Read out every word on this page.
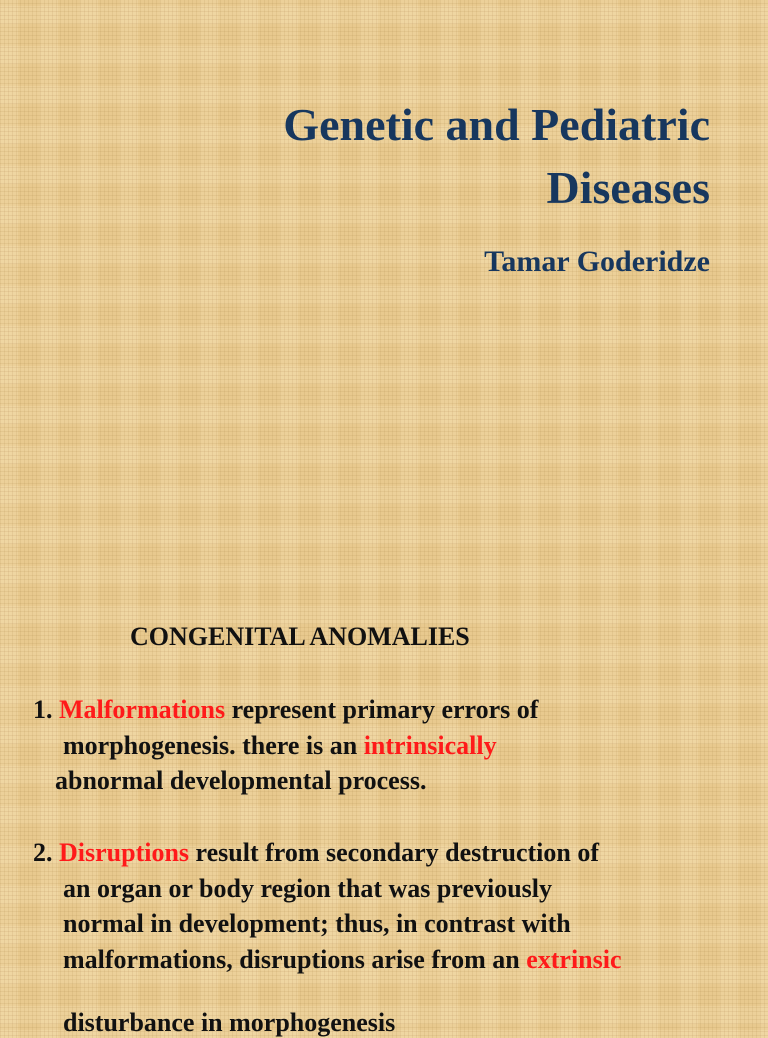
Genetic and Pediatric
Diseases
Tamar Goderidze
CONGENITAL ANOMALIES
1. Malformations represent primary errors of
morphogenesis. there is an intrinsically
abnormal developmental process.
2. Disruptions result from secondary destruction of
an organ or body region that was previously
normal in development; thus, in contrast with
malformations, disruptions arise from an extrinsic
disturbance in morphogenesis
